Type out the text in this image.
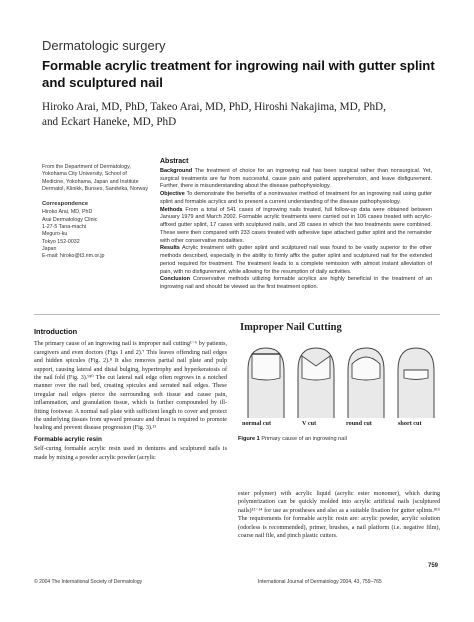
Dermatologic surgery
Formable acrylic treatment for ingrowing nail with gutter splint and sculptured nail
Hiroko Arai, MD, PhD, Takeo Arai, MD, PhD, Hiroshi Nakajima, MD, PhD,
and Eckart Haneke, MD, PhD
From the Department of Dermatology,
Yokohama City University, School of
Medicine, Yokohama, Japan and Institute
Dermatol, Klinikk, Bunses, Sandvika, Norway
Correspondence
Hiroko Arai, MD, PhD
Arai Dermatology Clinic
1-27-5 Tana-machi
Meguro-ku
Tokyo 152-0032
Japan
E-mail: hiroko@t3.rim.or.jp
Abstract

Background The treatment of choice for an ingrowing nail has been surgical rather than nonsurgical. Yet, surgical treatments are far from successful, cause pain and patient apprehension, and leave disfigurement. Further, there is misunderstanding about the disease pathophysiology.

Objective To demonstrate the benefits of a noninvasive method of treatment for an ingrowing nail using gutter splint and formable acrylics and to present a current understanding of the disease pathophysiology.

Methods From a total of 541 cases of ingrowing nails treated, full follow-up data were obtained between January 1979 and March 2002. Formable acrylic treatments were carried out in 106 cases treated with acrylic-affixed gutter splint, 17 cases with sculptured nails, and 28 cases in which the two treatments were combined. These were then compared with 233 cases treated with adhesive tape attached gutter splint and the remainder with other conservative modalities.

Results Acrylic treatment with gutter splint and sculptured nail was found to be vastly superior to the other methods described, especially in the ability to firmly affix the gutter splint and sculptured nail for the extended period required for treatment. The treatment leads to a complete remission with almost instant alleviation of pain, with no disfigurement, while allowing for the resumption of daily activities.

Conclusion Conservative methods utilizing formable acrylics are highly beneficial in the treatment of an ingrowing nail and should be viewed as the first treatment option.

Introduction

The primary cause of an ingrowing nail is improper nail cutting¹⁻⁶ by patients, caregivers and even doctors (Figs 1 and 2).⁷ This leaves offending nail edges and hidden spicules (Fig. 2).⁸ It also removes partial nail plate and pulp support, causing lateral and distal bulging, hypertrophy and hyperkeratosis of the nail fold (Fig. 3).⁹¹⁰ The cut lateral nail edge often regrows in a notched manner over the nail bed, creating spicules and serrated nail edges. These irregular nail edges pierce the surrounding soft tissue and cause pain, inflammation, and granulation tissue, which is further compounded by ill-fitting footwear. A normal nail plate with sufficient length to cover and protect the underlying tissues from upward pressure and thrust is required to promote healing and prevent disease progression (Fig. 3).¹¹

Formable acrylic resin

Self-curing formable acrylic resin used in dentures and sculptured nails is made by mixing a powder acrylic powder (acrylic

Improper Nail Cutting
normal cut	V cut	round cut	short cut
Figure 1 Primary cause of an ingrowing nail
ester polymer) with acrylic liquid (acrylic ester monomer), which during polymerization can be quickly molded into acrylic artificial nails (sculptured nails)¹²⁻¹⁴ for use as prostheses and also as a suitable fixation for gutter splints.⁸¹⁵ The requirements for formable acrylic resin are: acrylic powder, acrylic solution (odorless is recommended), primer, brushes, a nail platform (i.e. negative film), coarse nail file, and pinch plastic cutters.
759
© 2004 The International Society of Dermatology	International Journal of Dermatology 2004, 43, 759–765
